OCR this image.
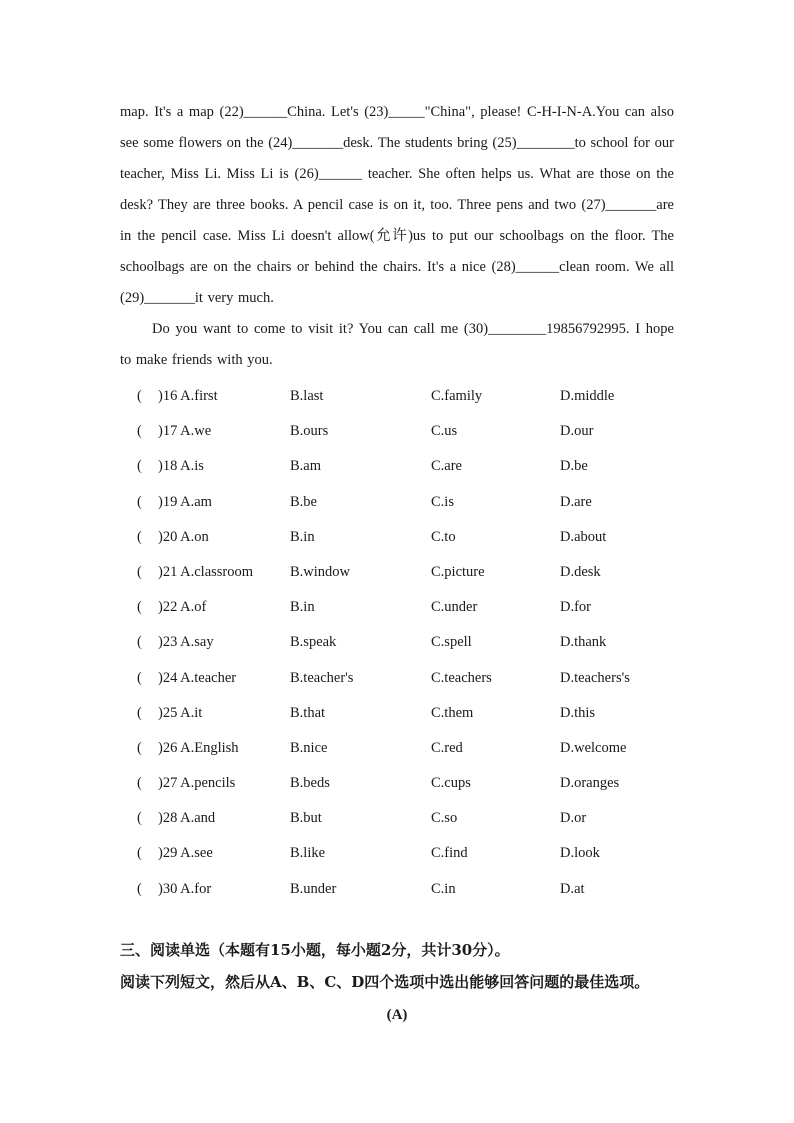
map. It's a map (22)______China. Let's (23)_____"China", please! C-H-I-N-A.You can also see some flowers on the (24)_______desk. The students bring (25)________to school for our teacher, Miss Li. Miss Li is (26)______ teacher. She often helps us. What are those on the desk? They are three books. A pencil case is on it, too. Three pens and two (27)_______are in the pencil case. Miss Li doesn't allow(允许)us to put our schoolbags on the floor. The schoolbags are on the chairs or behind the chairs. It's a nice (28)______clean room. We all (29)_______it very much.

Do you want to come to visit it? You can call me (30)________19856792995. I hope to make friends with you.

( )16 A.first	B.last	C.family	D.middle
( )17 A.we	B.ours	C.us	D.our
( )18 A.is	B.am	C.are	D.be
( )19 A.am	B.be	C.is	D.are
( )20 A.on	B.in	C.to	D.about
( )21 A.classroom	B.window	C.picture	D.desk
( )22 A.of	B.in	C.under	D.for
( )23 A.say	B.speak	C.spell	D.thank
( )24 A.teacher	B.teacher's	C.teachers	D.teachers's
( )25 A.it	B.that	C.them	D.this
( )26 A.English	B.nice	C.red	D.welcome
( )27 A.pencils	B.beds	C.cups	D.oranges
( )28 A.and	B.but	C.so	D.or
( )29 A.see	B.like	C.find	D.look
( )30 A.for	B.under	C.in	D.at
三、阅读单选（本题有15小题，每小题2分，共计30分）。
阅读下列短文，然后从A、B、C、D四个选项中选出能够回答问题的最佳选项。
(A)
